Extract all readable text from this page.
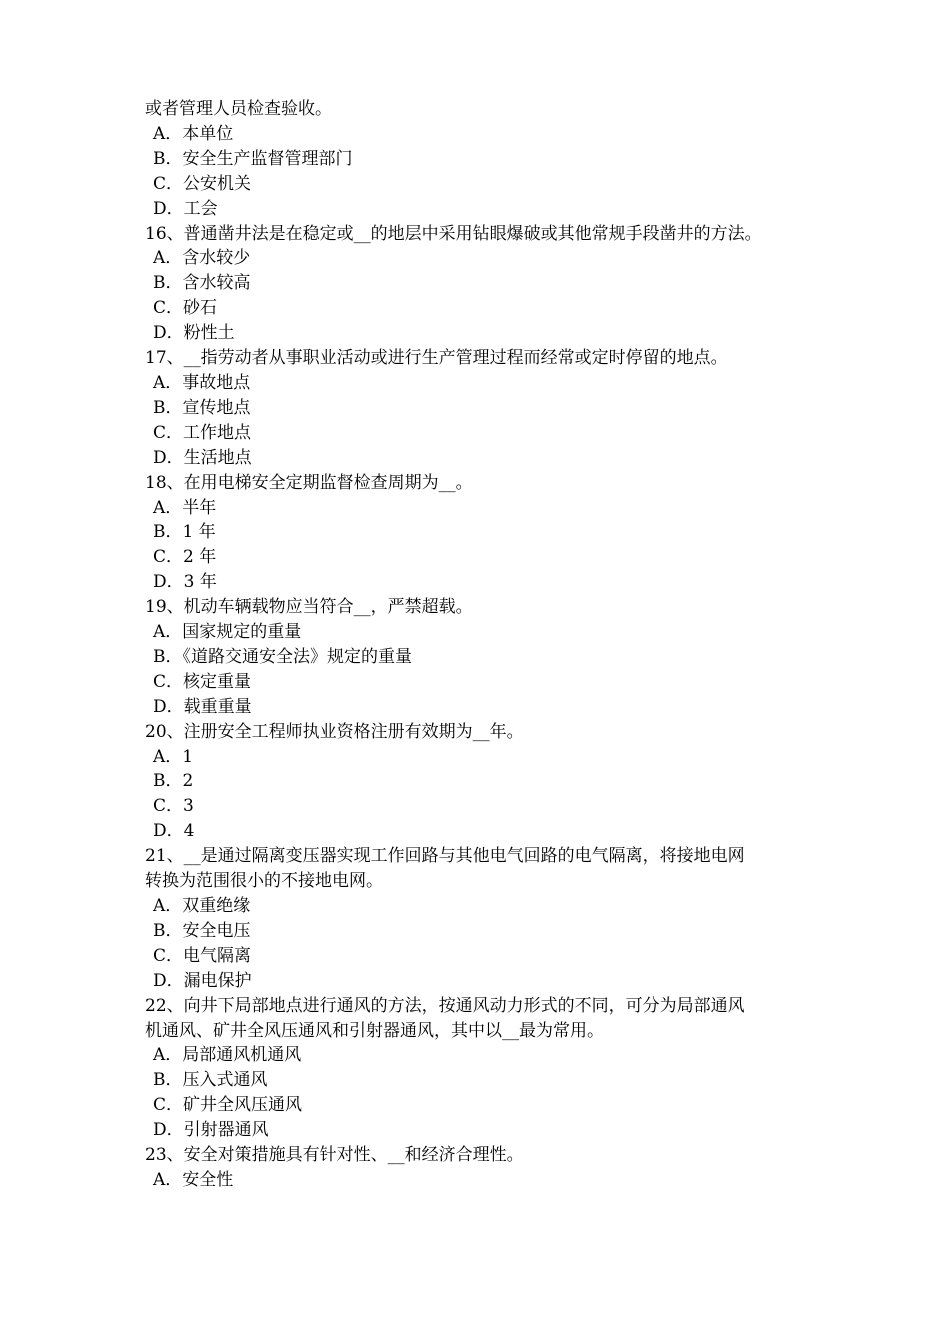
或者管理人员检查验收。
A．本单位
B．安全生产监督管理部门
C．公安机关
D．工会
16、普通凿井法是在稳定或__的地层中采用钻眼爆破或其他常规手段凿井的方法。
A．含水较少
B．含水较高
C．砂石
D．粉性土
17、__指劳动者从事职业活动或进行生产管理过程而经常或定时停留的地点。
A．事故地点
B．宣传地点
C．工作地点
D．生活地点
18、在用电梯安全定期监督检查周期为__。
A．半年
B．1 年
C．2 年
D．3 年
19、机动车辆载物应当符合__，严禁超载。
A．国家规定的重量
B．《道路交通安全法》规定的重量
C．核定重量
D．载重重量
20、注册安全工程师执业资格注册有效期为__年。
A．1
B．2
C．3
D．4
21、__是通过隔离变压器实现工作回路与其他电气回路的电气隔离，将接地电网
转换为范围很小的不接地电网。
A．双重绝缘
B．安全电压
C．电气隔离
D．漏电保护
22、向井下局部地点进行通风的方法，按通风动力形式的不同，可分为局部通风
机通风、矿井全风压通风和引射器通风，其中以__最为常用。
A．局部通风机通风
B．压入式通风
C．矿井全风压通风
D．引射器通风
23、安全对策措施具有针对性、__和经济合理性。
A．安全性
